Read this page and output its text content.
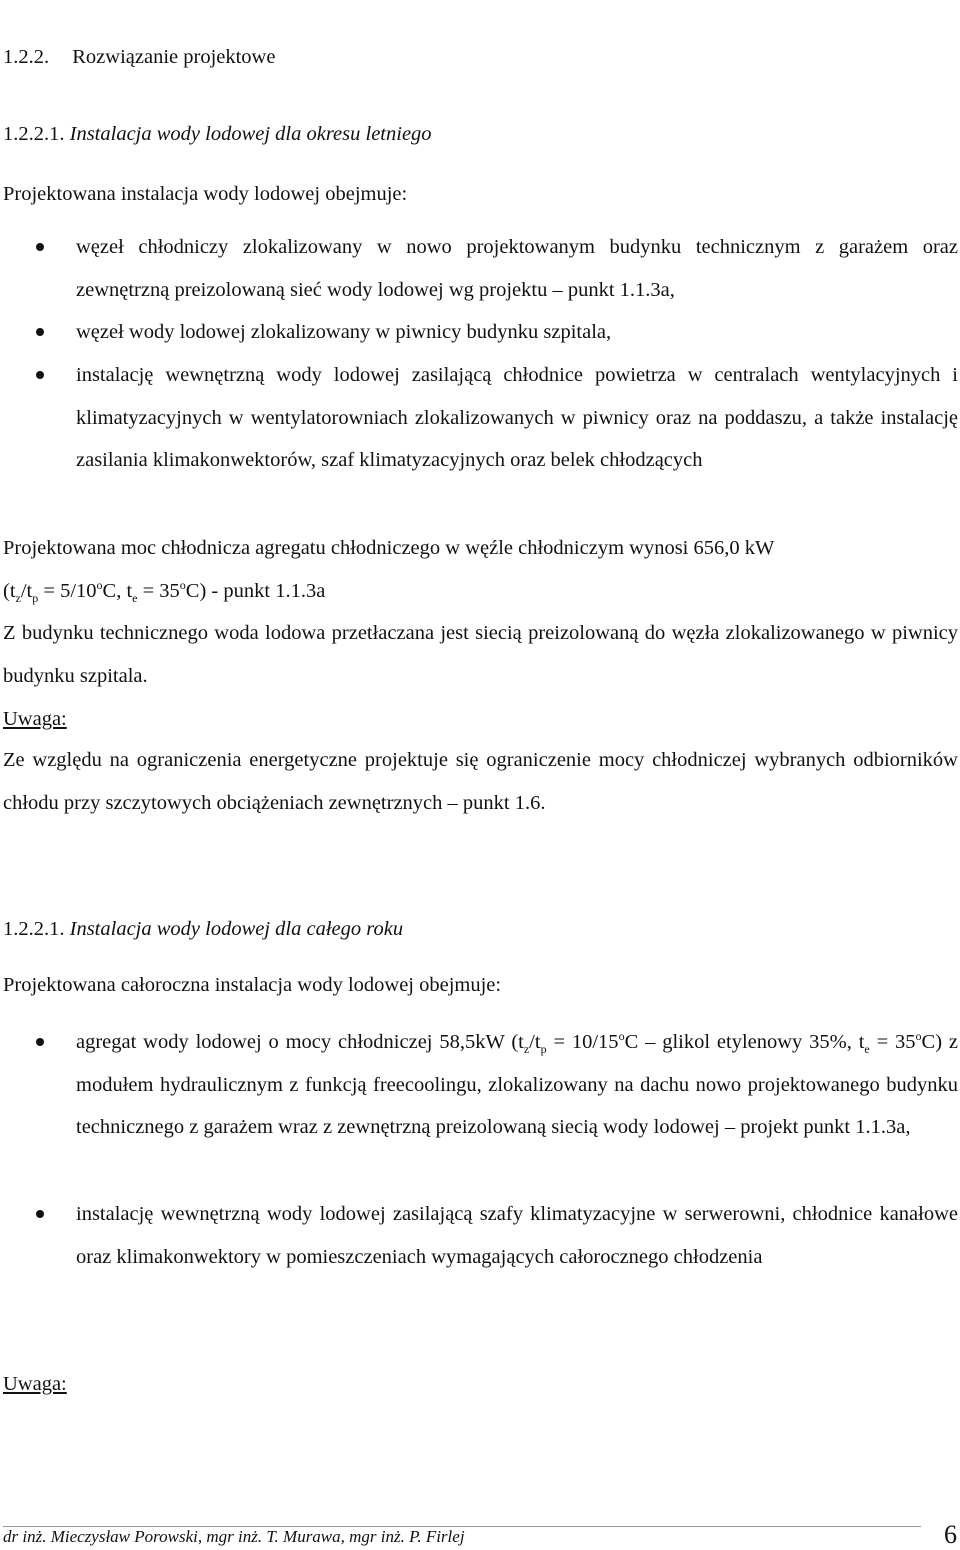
1.2.2. Rozwiązanie projektowe
1.2.2.1. Instalacja wody lodowej dla okresu letniego
Projektowana instalacja wody lodowej obejmuje:
węzeł chłodniczy zlokalizowany w nowo projektowanym budynku technicznym z garażem oraz zewnętrzną preizolowaną sieć wody lodowej wg projektu – punkt 1.1.3a,
węzeł wody lodowej zlokalizowany w piwnicy budynku szpitala,
instalację wewnętrzną wody lodowej zasilającą chłodnice powietrza w centralach wentylacyjnych i klimatyzacyjnych w wentylatorowniach zlokalizowanych w piwnicy oraz na poddaszu, a także instalację zasilania klimakonwektorów, szaf klimatyzacyjnych oraz belek chłodzących
Projektowana moc chłodnicza agregatu chłodniczego w węźle chłodniczym wynosi 656,0 kW
($t_z/t_p = 5/10^oC$, $t_e = 35^oC$) - punkt 1.1.3a
Z budynku technicznego woda lodowa przetłaczana jest siecią preizolowaną do węzła zlokalizowanego w piwnicy budynku szpitala.
Uwaga:
Ze względu na ograniczenia energetyczne projektuje się ograniczenie mocy chłodniczej wybranych odbiorników chłodu przy szczytowych obciążeniach zewnętrznych – punkt 1.6.
1.2.2.1. Instalacja wody lodowej dla całego roku
Projektowana całoroczna instalacja wody lodowej obejmuje:
agregat wody lodowej o mocy chłodniczej 58,5kW ($t_z/t_p = 10/15^oC$ – glikol etylenowy 35%, $t_e = 35^oC$) z modułem hydraulicznym z funkcją freecoolingu, zlokalizowany na dachu nowo projektowanego budynku technicznego z garażem wraz z zewnętrzną preizolowaną siecią wody lodowej – projekt punkt 1.1.3a,
instalację wewnętrzną wody lodowej zasilającą szafy klimatyzacyjne w serwerowni, chłodnice kanałowe oraz klimakonwektory w pomieszczeniach wymagających całorocznego chłodzenia
Uwaga:
dr inż. Mieczysław Porowski, mgr inż. T. Murawa, mgr inż. P. Firlej	6
